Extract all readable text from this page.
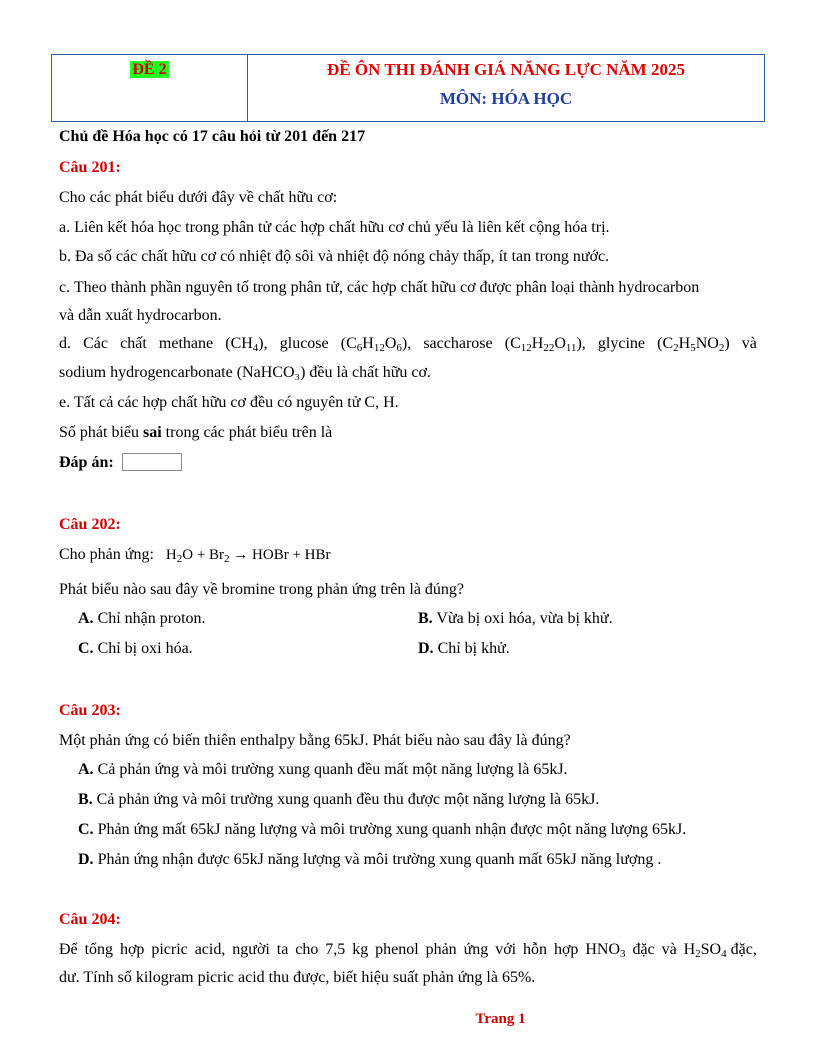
ĐỀ 2	ĐỀ ÔN THI ĐÁNH GIÁ NĂNG LỰC NĂM 2025
MÔN: HÓA HỌC
Chủ đề Hóa học có 17 câu hỏi từ 201 đến 217
Câu 201:
Cho các phát biểu dưới đây về chất hữu cơ:
a. Liên kết hóa học trong phân tử các hợp chất hữu cơ chủ yếu là liên kết cộng hóa trị.
b. Đa số các chất hữu cơ có nhiệt độ sôi và nhiệt độ nóng chảy thấp, ít tan trong nước.
c. Theo thành phần nguyên tố trong phân tử, các hợp chất hữu cơ được phân loại thành hydrocarbon
và dẫn xuất hydrocarbon.
d. Các chất methane $(CH_4)$, glucose $(C_6H_{12}O_6)$, saccharose $(C_{12}H_{22}O_{11})$, glycine $(C_2H_5NO_2)$ và
sodium hydrogencarbonate (NaHCO₃) đều là chất hữu cơ.
e. Tất cả các hợp chất hữu cơ đều có nguyên tử C, H.
Số phát biểu sai trong các phát biểu trên là
Đáp án:
Câu 202:
Cho phản ứng: $H_2O + Br_2$ → HOBr + HBr
Phát biểu nào sau đây về bromine trong phản ứng trên là đúng?
A. Chỉ nhận proton.	B. Vừa bị oxi hóa, vừa bị khử.
C. Chỉ bị oxi hóa.	D. Chỉ bị khử.
Câu 203:
Một phản ứng có biến thiên enthalpy bằng 65kJ. Phát biểu nào sau đây là đúng?
A. Cả phản ứng và môi trường xung quanh đều mất một năng lượng là 65kJ.
B. Cả phản ứng và môi trường xung quanh đều thu được một năng lượng là 65kJ.
C. Phản ứng mất 65kJ năng lượng và môi trường xung quanh nhận được một năng lượng 65kJ.
D. Phản ứng nhận được 65kJ năng lượng và môi trường xung quanh mất 65kJ năng lượng .
Câu 204:
Để tổng hợp picric acid, người ta cho 7,5 kg phenol phản ứng với hỗn hợp $HNO_3$ đặc và $H_2SO_4$ đặc,
dư. Tính số kilogram picric acid thu được, biết hiệu suất phản ứng là 65%.
Trang 1
